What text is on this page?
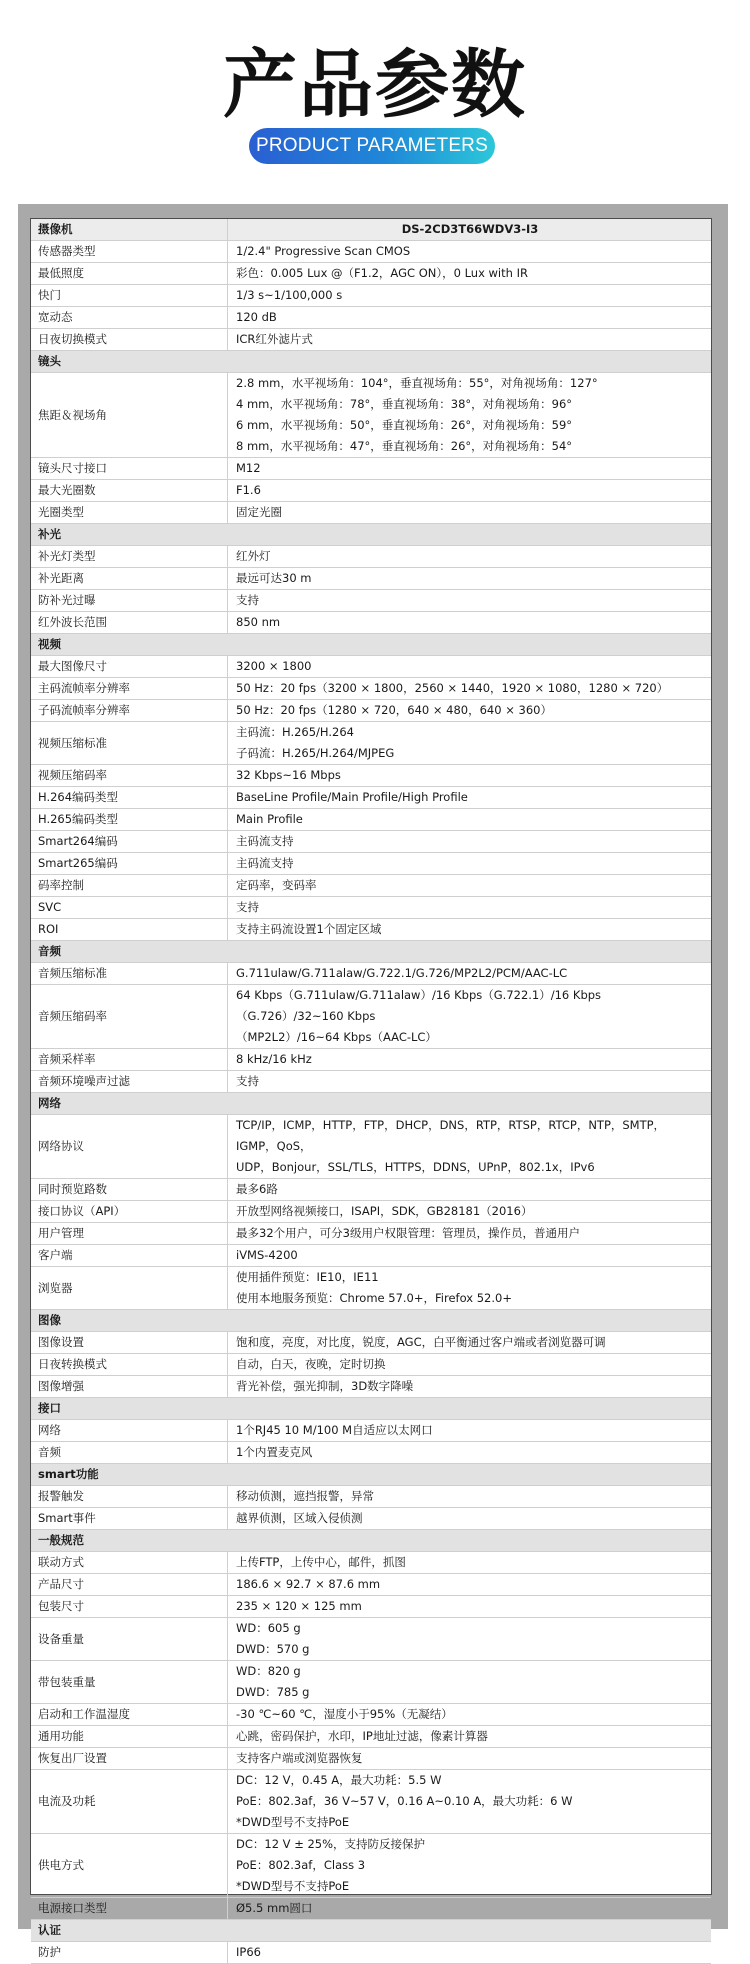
产品参数
PRODUCT PARAMETERS
摄像机	DS-2CD3T66WDV3-I3
传感器类型	1/2.4" Progressive Scan CMOS

最低照度	彩色：0.005 Lux @（F1.2，AGC ON），0 Lux with IR

快门	1/3 s~1/100,000 s

宽动态	120 dB

日夜切换模式	ICR红外滤片式

镜头	
焦距＆视场角	2.8 mm，水平视场角：104°，垂直视场角：55°，对角视场角：127°
4 mm，水平视场角：78°，垂直视场角：38°，对角视场角：96°
6 mm，水平视场角：50°，垂直视场角：26°，对角视场角：59°
8 mm，水平视场角：47°，垂直视场角：26°，对角视场角：54°

镜头尺寸接口	M12

最大光圈数	F1.6

光圈类型	固定光圈

补光	
补光灯类型	红外灯

补光距离	最远可达30 m

防补光过曝	支持

红外波长范围	850 nm

视频	
最大图像尺寸	3200 × 1800

主码流帧率分辨率	50 Hz：20 fps（3200 × 1800，2560 × 1440，1920 × 1080，1280 × 720）

子码流帧率分辨率	50 Hz：20 fps（1280 × 720，640 × 480，640 × 360）

视频压缩标准	主码流：H.265/H.264
子码流：H.265/H.264/MJPEG

视频压缩码率	32 Kbps~16 Mbps

H.264编码类型	BaseLine Profile/Main Profile/High Profile

H.265编码类型	Main Profile

Smart264编码	主码流支持

Smart265编码	主码流支持

码率控制	定码率，变码率

SVC	支持

ROI	支持主码流设置1个固定区域

音频	
音频压缩标准	G.711ulaw/G.711alaw/G.722.1/G.726/MP2L2/PCM/AAC-LC

音频压缩码率	64 Kbps（G.711ulaw/G.711alaw）/16 Kbps（G.722.1）/16 Kbps（G.726）/32~160 Kbps
（MP2L2）/16~64 Kbps（AAC-LC）

音频采样率	8 kHz/16 kHz

音频环境噪声过滤	支持

网络	
网络协议	TCP/IP，ICMP，HTTP，FTP，DHCP，DNS，RTP，RTSP，RTCP，NTP，SMTP，IGMP，QoS，
UDP，Bonjour，SSL/TLS，HTTPS，DDNS，UPnP，802.1x，IPv6

同时预览路数	最多6路

接口协议（API）	开放型网络视频接口，ISAPI，SDK，GB28181（2016）

用户管理	最多32个用户，可分3级用户权限管理：管理员，操作员，普通用户

客户端	iVMS-4200

浏览器	使用插件预览：IE10，IE11
使用本地服务预览：Chrome 57.0+，Firefox 52.0+

图像	
图像设置	饱和度，亮度，对比度，锐度，AGC，白平衡通过客户端或者浏览器可调

日夜转换模式	自动，白天，夜晚，定时切换

图像增强	背光补偿，强光抑制，3D数字降噪

接口	
网络	1个RJ45 10 M/100 M自适应以太网口

音频	1个内置麦克风

smart功能	
报警触发	移动侦测，遮挡报警，异常

Smart事件	越界侦测，区域入侵侦测

一般规范	
联动方式	上传FTP，上传中心，邮件，抓图

产品尺寸	186.6 × 92.7 × 87.6 mm

包装尺寸	235 × 120 × 125 mm

设备重量	WD：605 g
DWD：570 g

带包装重量	WD：820 g
DWD：785 g

启动和工作温湿度	-30 ℃~60 ℃，湿度小于95%（无凝结）

通用功能	心跳，密码保护，水印，IP地址过滤，像素计算器

恢复出厂设置	支持客户端或浏览器恢复

电流及功耗	DC：12 V，0.45 A，最大功耗：5.5 W
PoE：802.3af，36 V~57 V，0.16 A~0.10 A，最大功耗：6 W
*DWD型号不支持PoE

供电方式	DC：12 V ± 25%，支持防反接保护
PoE：802.3af，Class 3
*DWD型号不支持PoE

电源接口类型	Ø5.5 mm圆口

认证	
防护	IP66
